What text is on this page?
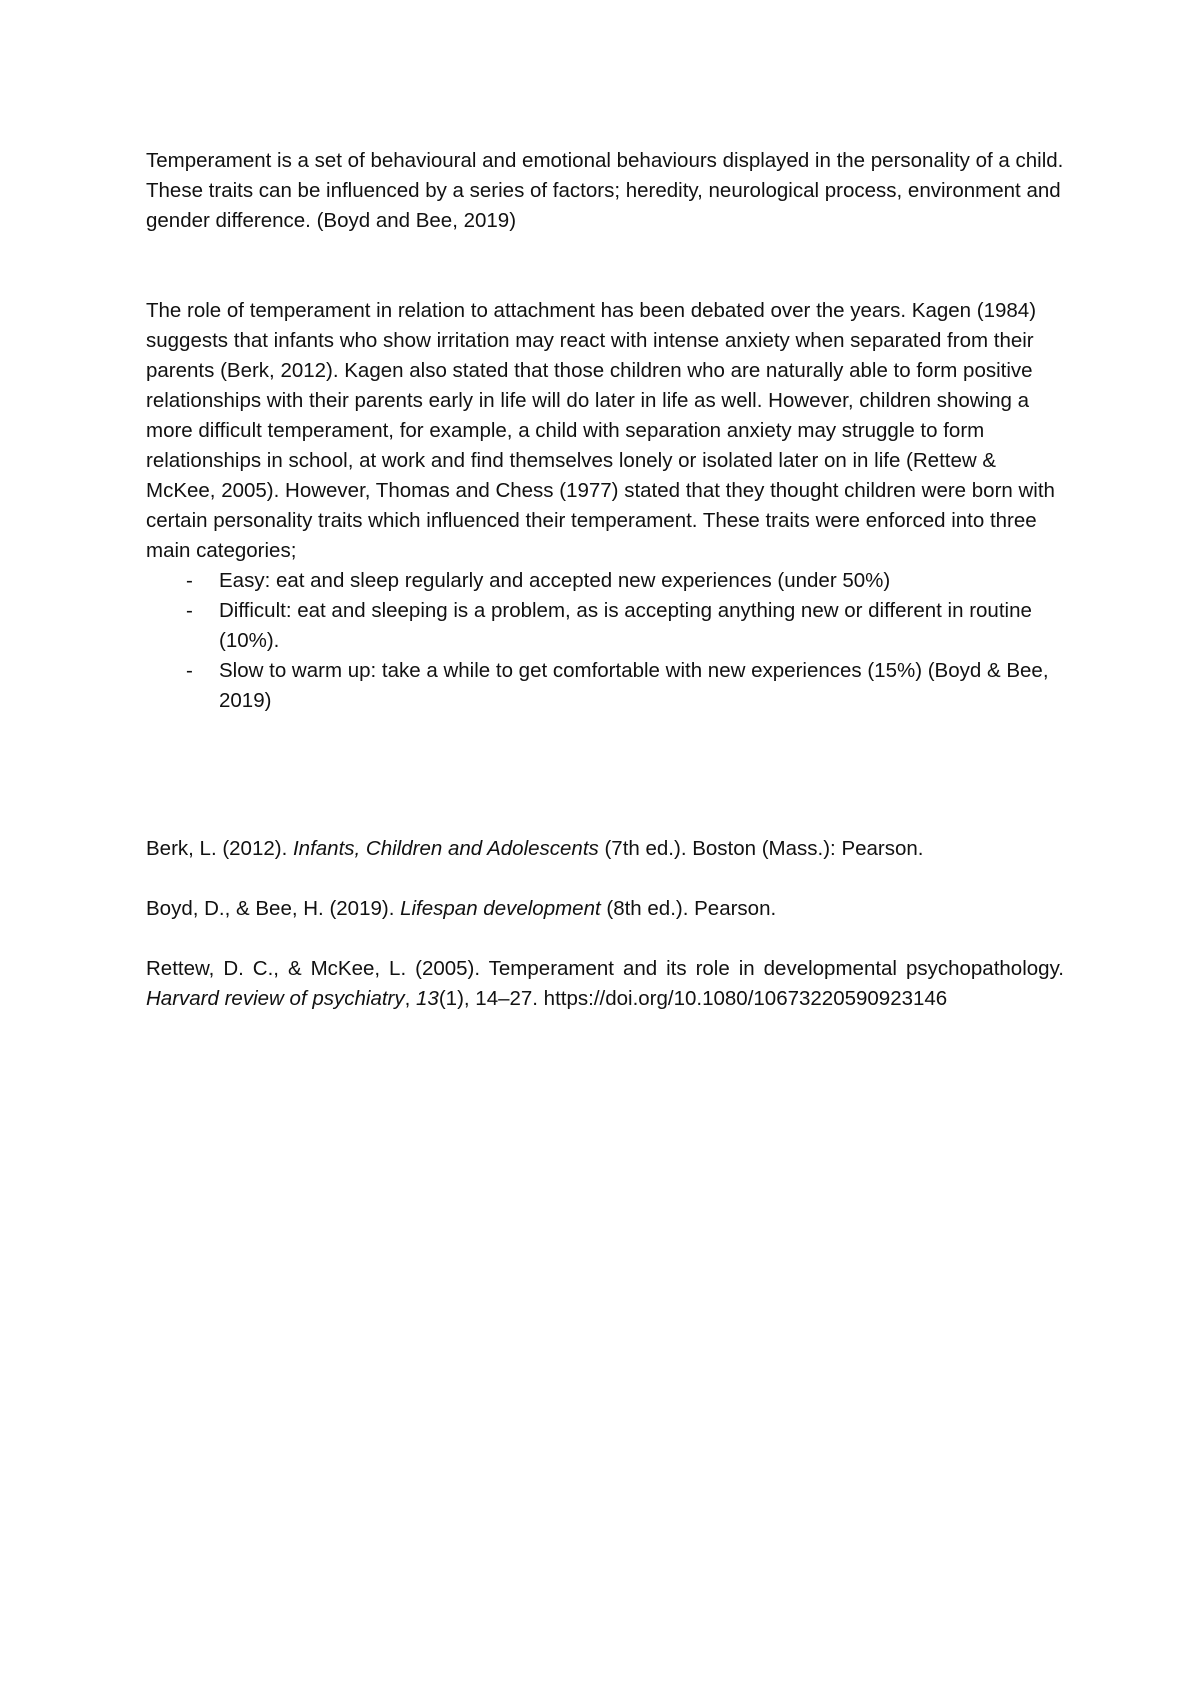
Temperament is a set of behavioural and emotional behaviours displayed in the personality of a child. These traits can be influenced by a series of factors; heredity, neurological process, environment and gender difference. (Boyd and Bee, 2019)

The role of temperament in relation to attachment has been debated over the years. Kagen (1984) suggests that infants who show irritation may react with intense anxiety when separated from their parents (Berk, 2012). Kagen also stated that those children who are naturally able to form positive relationships with their parents early in life will do later in life as well. However, children showing a more difficult temperament, for example, a child with separation anxiety may struggle to form relationships in school, at work and find themselves lonely or isolated later on in life (Rettew & McKee, 2005). However, Thomas and Chess (1977) stated that they thought children were born with certain personality traits which influenced their temperament. These traits were enforced into three main categories;

- Easy: eat and sleep regularly and accepted new experiences (under 50%)
- Difficult: eat and sleeping is a problem, as is accepting anything new or different in routine (10%).
- Slow to warm up: take a while to get comfortable with new experiences (15%) (Boyd & Bee, 2019)

Berk, L. (2012). Infants, Children and Adolescents (7th ed.). Boston (Mass.): Pearson.

Boyd, D., & Bee, H. (2019). Lifespan development (8th ed.). Pearson.

Rettew, D. C., & McKee, L. (2005). Temperament and its role in developmental psychopathology. Harvard review of psychiatry, 13(1), 14–27. https://doi.org/10.1080/10673220590923146
